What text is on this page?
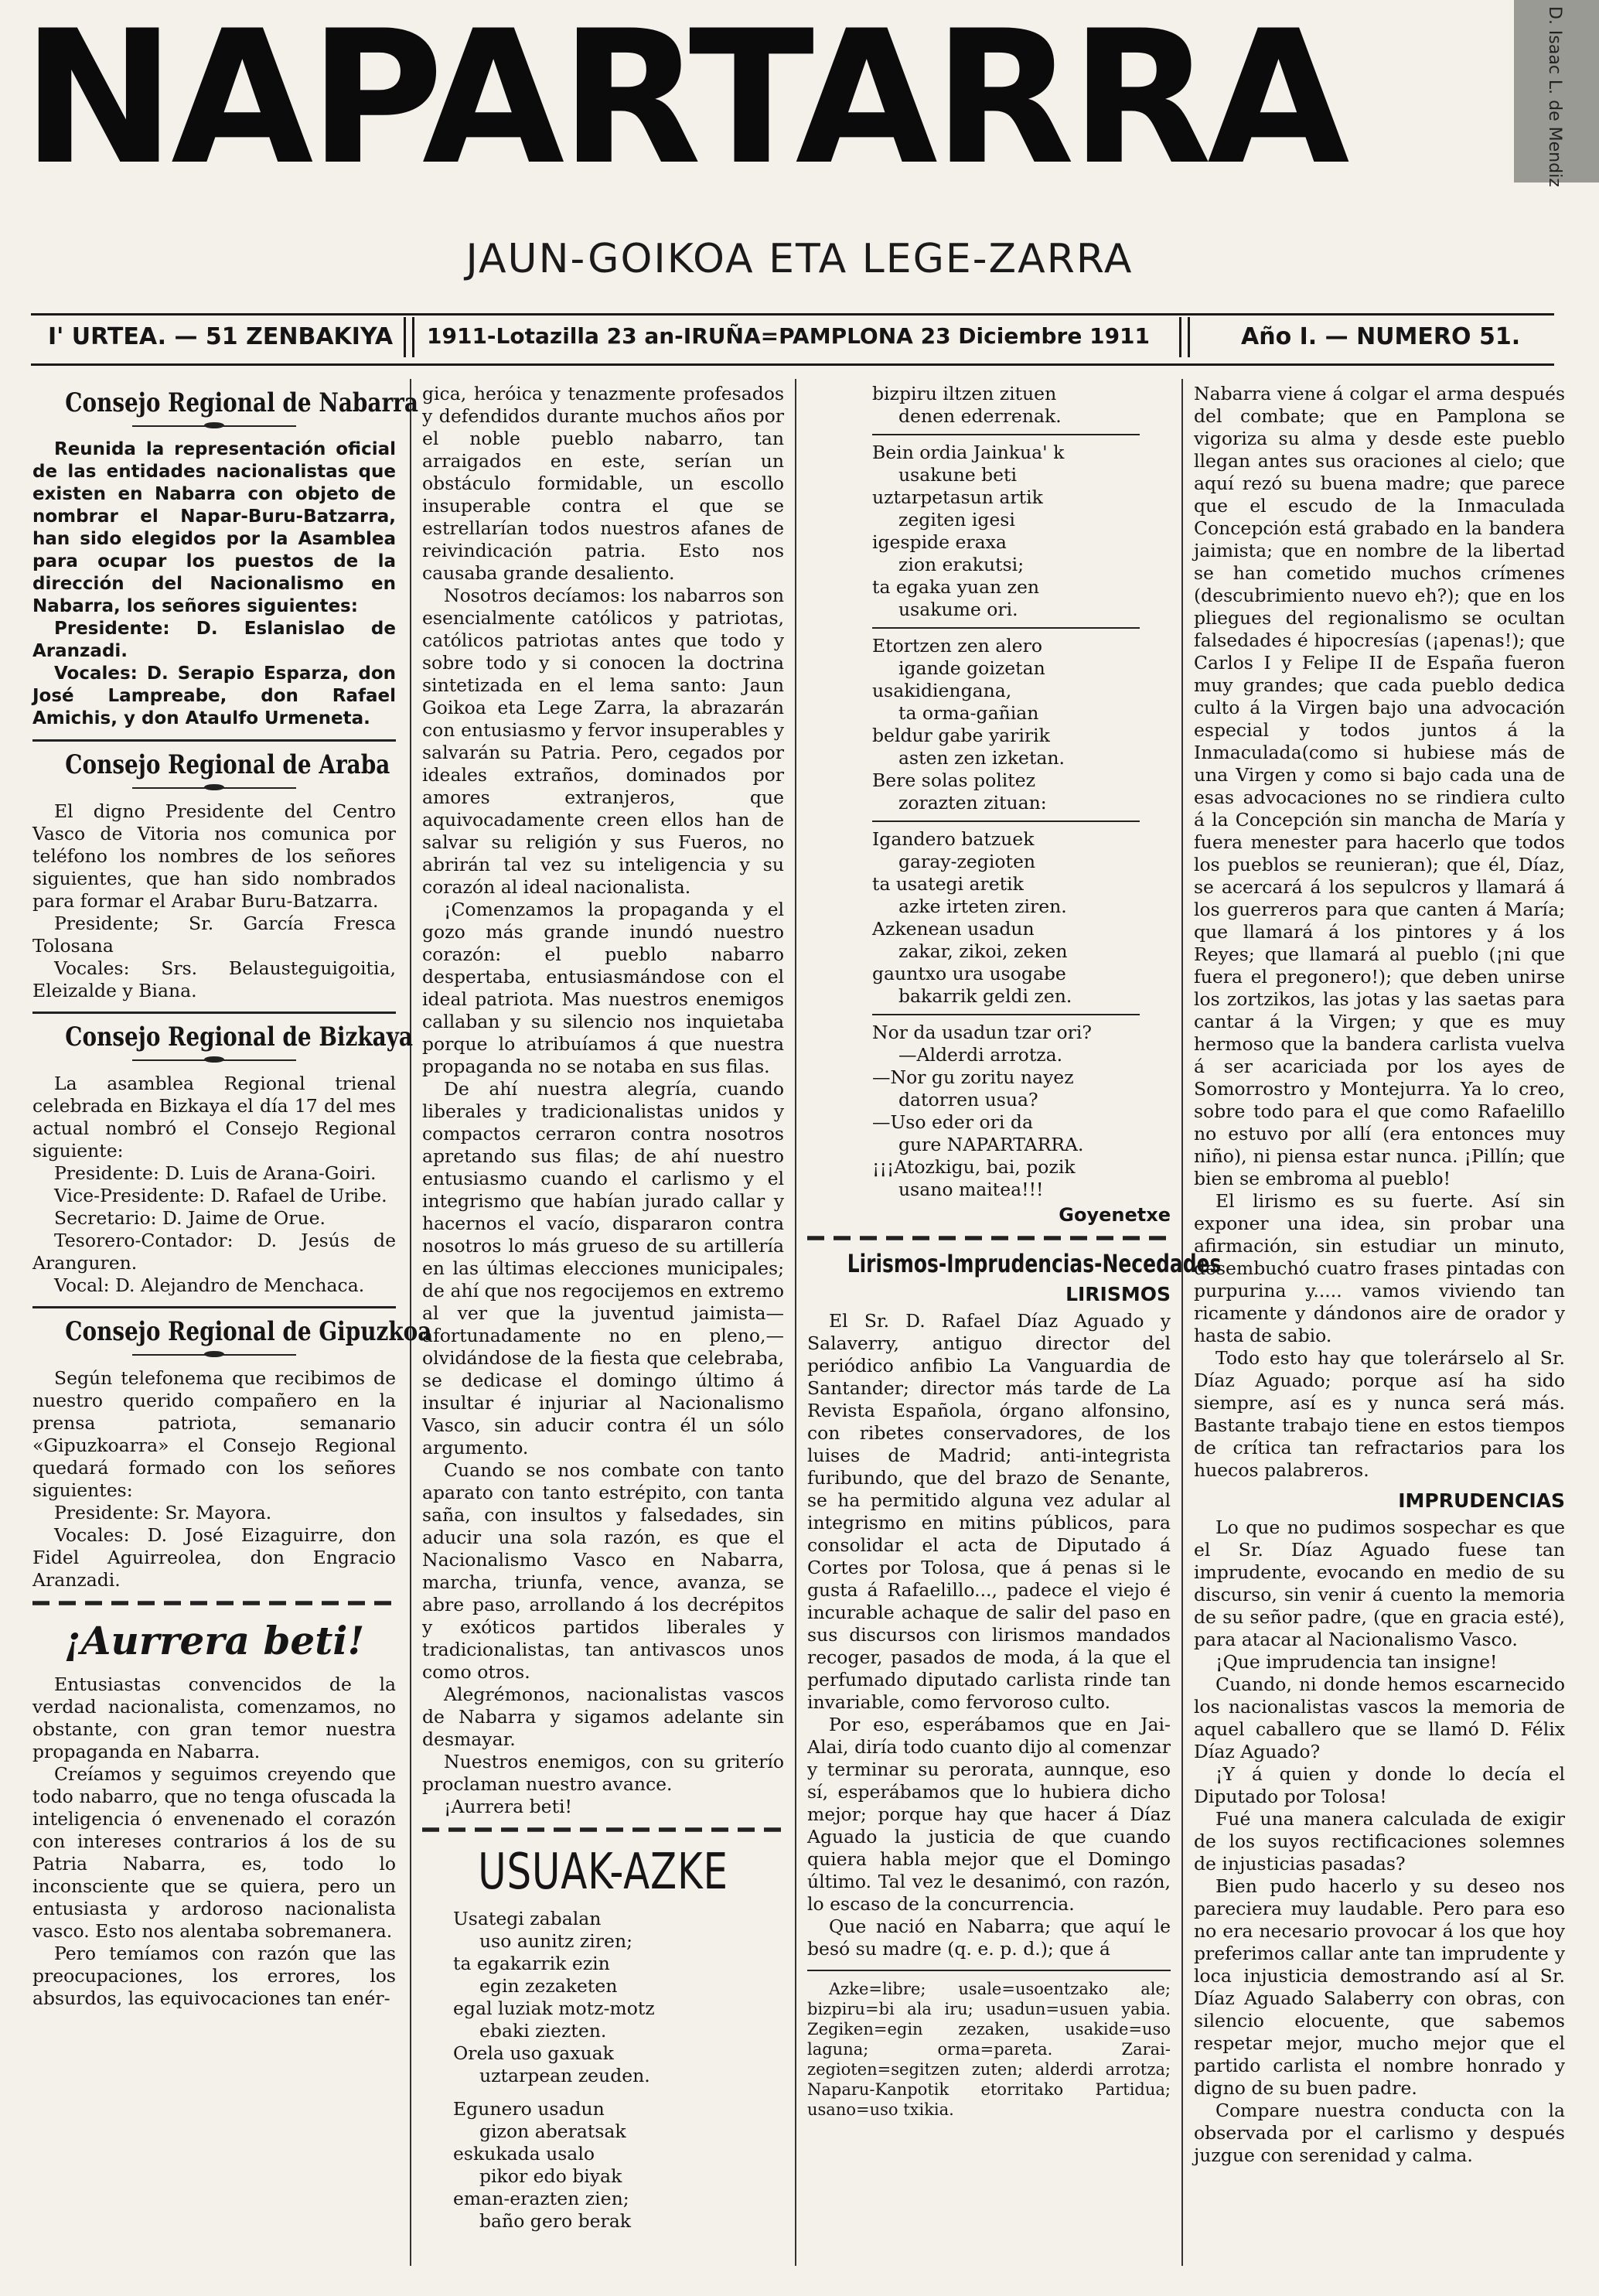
NAPARTARRA	D. Isaac L. de Mendiz
JAUN-GOIKOA ETA LEGE-ZARRA
I' URTEA. — 51 ZENBAKIYA 1911-Lotazilla 23 an-IRUÑA=PAMPLONA 23 Diciembre 1911	Año I. — NUMERO 51.
Consejo Regional de Nabarra

Reunida la representación oficial de las entidades nacionalistas que existen en Nabarra con objeto de nombrar el Napar-Buru-Batzarra, han sido elegidos por la Asamblea para ocupar los puestos de la dirección del Nacionalismo en Nabarra, los señores siguientes:

Presidente: D. Eslanislao de Aranzadi.

Vocales: D. Serapio Esparza, don José Lampreabe, don Rafael Amichis, y don Ataulfo Urmeneta.

Consejo Regional de Araba

El digno Presidente del Centro Vasco de Vitoria nos comunica por teléfono los nombres de los señores siguientes, que han sido nombrados para formar el Arabar Buru-Batzarra.

Presidente; Sr. García Fresca Tolosana

Vocales: Srs. Belausteguigoitia, Eleizalde y Biana.

Consejo Regional de Bizkaya

La asamblea Regional trienal celebrada en Bizkaya el día 17 del mes actual nombró el Consejo Regional siguiente:

Presidente: D. Luis de Arana-Goiri.

Vice-Presidente: D. Rafael de Uribe.

Secretario: D. Jaime de Orue.

Tesorero-Contador: D. Jesús de Aranguren.

Vocal: D. Alejandro de Menchaca.

Consejo Regional de Gipuzkoa

Según telefonema que recibimos de nuestro querido compañero en la prensa patriota, semanario «Gipuzkoarra» el Consejo Regional quedará formado con los señores siguientes:

Presidente: Sr. Mayora.

Vocales: D. José Eizaguirre, don Fidel Aguirreolea, don Engracio Aranzadi.

¡Aurrera beti!

Entusiastas convencidos de la verdad nacionalista, comenzamos, no obstante, con gran temor nuestra propaganda en Nabarra.

Creíamos y seguimos creyendo que todo nabarro, que no tenga ofuscada la inteligencia ó envenenado el corazón con intereses contrarios á los de su Patria Nabarra, es, todo lo inconsciente que se quiera, pero un entusiasta y ardoroso nacionalista vasco. Esto nos alentaba sobremanera.

Pero temíamos con razón que las preocupaciones, los errores, los absurdos, las equivocaciones tan enér-

gica, heróica y tenazmente profesados y defendidos durante muchos años por el noble pueblo nabarro, tan arraigados en este, serían un obstáculo formidable, un escollo insuperable contra el que se estrellarían todos nuestros afanes de reivindicación patria. Esto nos causaba grande desaliento.

Nosotros decíamos: los nabarros son esencialmente católicos y patriotas, católicos patriotas antes que todo y sobre todo y si conocen la doctrina sintetizada en el lema santo: Jaun Goikoa eta Lege Zarra, la abrazarán con entusiasmo y fervor insuperables y salvarán su Patria. Pero, cegados por ideales extraños, dominados por amores extranjeros, que aquivocadamente creen ellos han de salvar su religión y sus Fueros, no abrirán tal vez su inteligencia y su corazón al ideal nacionalista.

¡Comenzamos la propaganda y el gozo más grande inundó nuestro corazón: el pueblo nabarro despertaba, entusiasmándose con el ideal patriota. Mas nuestros enemigos callaban y su silencio nos inquietaba porque lo atribuíamos á que nuestra propaganda no se notaba en sus filas.

De ahí nuestra alegría, cuando liberales y tradicionalistas unidos y compactos cerraron contra nosotros apretando sus filas; de ahí nuestro entusiasmo cuando el carlismo y el integrismo que habían jurado callar y hacernos el vacío, dispararon contra nosotros lo más grueso de su artillería en las últimas elecciones municipales; de ahí que nos regocijemos en extremo al ver que la juventud jaimista—afortunadamente no en pleno,—olvidándose de la fiesta que celebraba, se dedicase el domingo último á insultar é injuriar al Nacionalismo Vasco, sin aducir contra él un sólo argumento.

Cuando se nos combate con tanto aparato con tanto estrépito, con tanta saña, con insultos y falsedades, sin aducir una sola razón, es que el Nacionalismo Vasco en Nabarra, marcha, triunfa, vence, avanza, se abre paso, arrollando á los decrépitos y exóticos partidos liberales y tradicionalistas, tan antivascos unos como otros.

Alegrémonos, nacionalistas vascos de Nabarra y sigamos adelante sin desmayar.

Nuestros enemigos, con su griterío proclaman nuestro avance.

¡Aurrera beti!

USUAK-AZKE
Usategi zabalan
uso aunitz ziren;
ta egakarrik ezin
egin zezaketen
egal luziak motz-motz
ebaki ziezten.
Orela uso gaxuak
uztarpean zeuden.
Egunero usadun
gizon aberatsak
eskukada usalo
pikor edo biyak
eman-erazten zien;
baño gero berak
bizpiru iltzen zituen
denen ederrenak.
Bein ordia Jainkua' k
usakune beti
uztarpetasun artik
zegiten igesi
igespide eraxa
zion erakutsi;
ta egaka yuan zen
usakume ori.
Etortzen zen alero
igande goizetan
usakidiengana,
ta orma-gañian
beldur gabe yaririk
asten zen izketan.
Bere solas politez
zorazten zituan:
Igandero batzuek
garay-zegioten
ta usategi aretik
azke irteten ziren.
Azkenean usadun
zakar, zikoi, zeken
gauntxo ura usogabe
bakarrik geldi zen.
Nor da usadun tzar ori?
—Alderdi arrotza.
—Nor gu zoritu nayez
datorren usua?
—Uso eder ori da
gure NAPARTARRA.
¡¡¡Atozkigu, bai, pozik
usano maitea!!!
Goyenetxe
Lirismos-Imprudencias-Necedades
LIRISMOS

El Sr. D. Rafael Díaz Aguado y Salaverry, antiguo director del periódico anfibio La Vanguardia de Santander; director más tarde de La Revista Española, órgano alfonsino, con ribetes conservadores, de los luises de Madrid; anti-integrista furibundo, que del brazo de Senante, se ha permitido alguna vez adular al integrismo en mitins públicos, para consolidar el acta de Diputado á Cortes por Tolosa, que á penas si le gusta á Rafaelillo..., padece el viejo é incurable achaque de salir del paso en sus discursos con lirismos mandados recoger, pasados de moda, á la que el perfumado diputado carlista rinde tan invariable, como fervoroso culto.

Por eso, esperábamos que en Jai-Alai, diría todo cuanto dijo al comenzar y terminar su perorata, aunnque, eso sí, esperábamos que lo hubiera dicho mejor; porque hay que hacer á Díaz Aguado la justicia de que cuando quiera habla mejor que el Domingo último. Tal vez le desanimó, con razón, lo escaso de la concurrencia.

Que nació en Nabarra; que aquí le besó su madre (q. e. p. d.); que á

Azke=libre; usale=usoentzako ale; bizpiru=bi ala iru; usadun=usuen yabia. Zegiken=egin zezaken, usakide=uso laguna; orma=pareta. Zarai-zegioten=segitzen zuten; alderdi arrotza; Naparu-Kanpotik etorritako Partidua; usano=uso txikia.

Nabarra viene á colgar el arma después del combate; que en Pamplona se vigoriza su alma y desde este pueblo llegan antes sus oraciones al cielo; que aquí rezó su buena madre; que parece que el escudo de la Inmaculada Concepción está grabado en la bandera jaimista; que en nombre de la libertad se han cometido muchos crímenes (descubrimiento nuevo eh?); que en los pliegues del regionalismo se ocultan falsedades é hipocresías (¡apenas!); que Carlos I y Felipe II de España fueron muy grandes; que cada pueblo dedica culto á la Virgen bajo una advocación especial y todos juntos á la Inmaculada(como si hubiese más de una Virgen y como si bajo cada una de esas advocaciones no se rindiera culto á la Concepción sin mancha de María y fuera menester para hacerlo que todos los pueblos se reunieran); que él, Díaz, se acercará á los sepulcros y llamará á los guerreros para que canten á María; que llamará á los pintores y á los Reyes; que llamará al pueblo (¡ni que fuera el pregonero!); que deben unirse los zortzikos, las jotas y las saetas para cantar á la Virgen; y que es muy hermoso que la bandera carlista vuelva á ser acariciada por los ayes de Somorrostro y Montejurra. Ya lo creo, sobre todo para el que como Rafaelillo no estuvo por allí (era entonces muy niño), ni piensa estar nunca. ¡Pillín; que bien se embroma al pueblo!

El lirismo es su fuerte. Así sin exponer una idea, sin probar una afirmación, sin estudiar un minuto, desembuchó cuatro frases pintadas con purpurina y..... vamos viviendo tan ricamente y dándonos aire de orador y hasta de sabio.

Todo esto hay que tolerárselo al Sr. Díaz Aguado; porque así ha sido siempre, así es y nunca será más. Bastante trabajo tiene en estos tiempos de crítica tan refractarios para los huecos palabreros.

IMPRUDENCIAS

Lo que no pudimos sospechar es que el Sr. Díaz Aguado fuese tan imprudente, evocando en medio de su discurso, sin venir á cuento la memoria de su señor padre, (que en gracia esté), para atacar al Nacionalismo Vasco.

¡Que imprudencia tan insigne!

Cuando, ni donde hemos escarnecido los nacionalistas vascos la memoria de aquel caballero que se llamó D. Félix Díaz Aguado?

¡Y á quien y donde lo decía el Diputado por Tolosa!

Fué una manera calculada de exigir de los suyos rectificaciones solemnes de injusticias pasadas?

Bien pudo hacerlo y su deseo nos pareciera muy laudable. Pero para eso no era necesario provocar á los que hoy preferimos callar ante tan imprudente y loca injusticia demostrando así al Sr. Díaz Aguado Salaberry con obras, con silencio elocuente, que sabemos respetar mejor, mucho mejor que el partido carlista el nombre honrado y digno de su buen padre.

Compare nuestra conducta con la observada por el carlismo y después juzgue con serenidad y calma.
